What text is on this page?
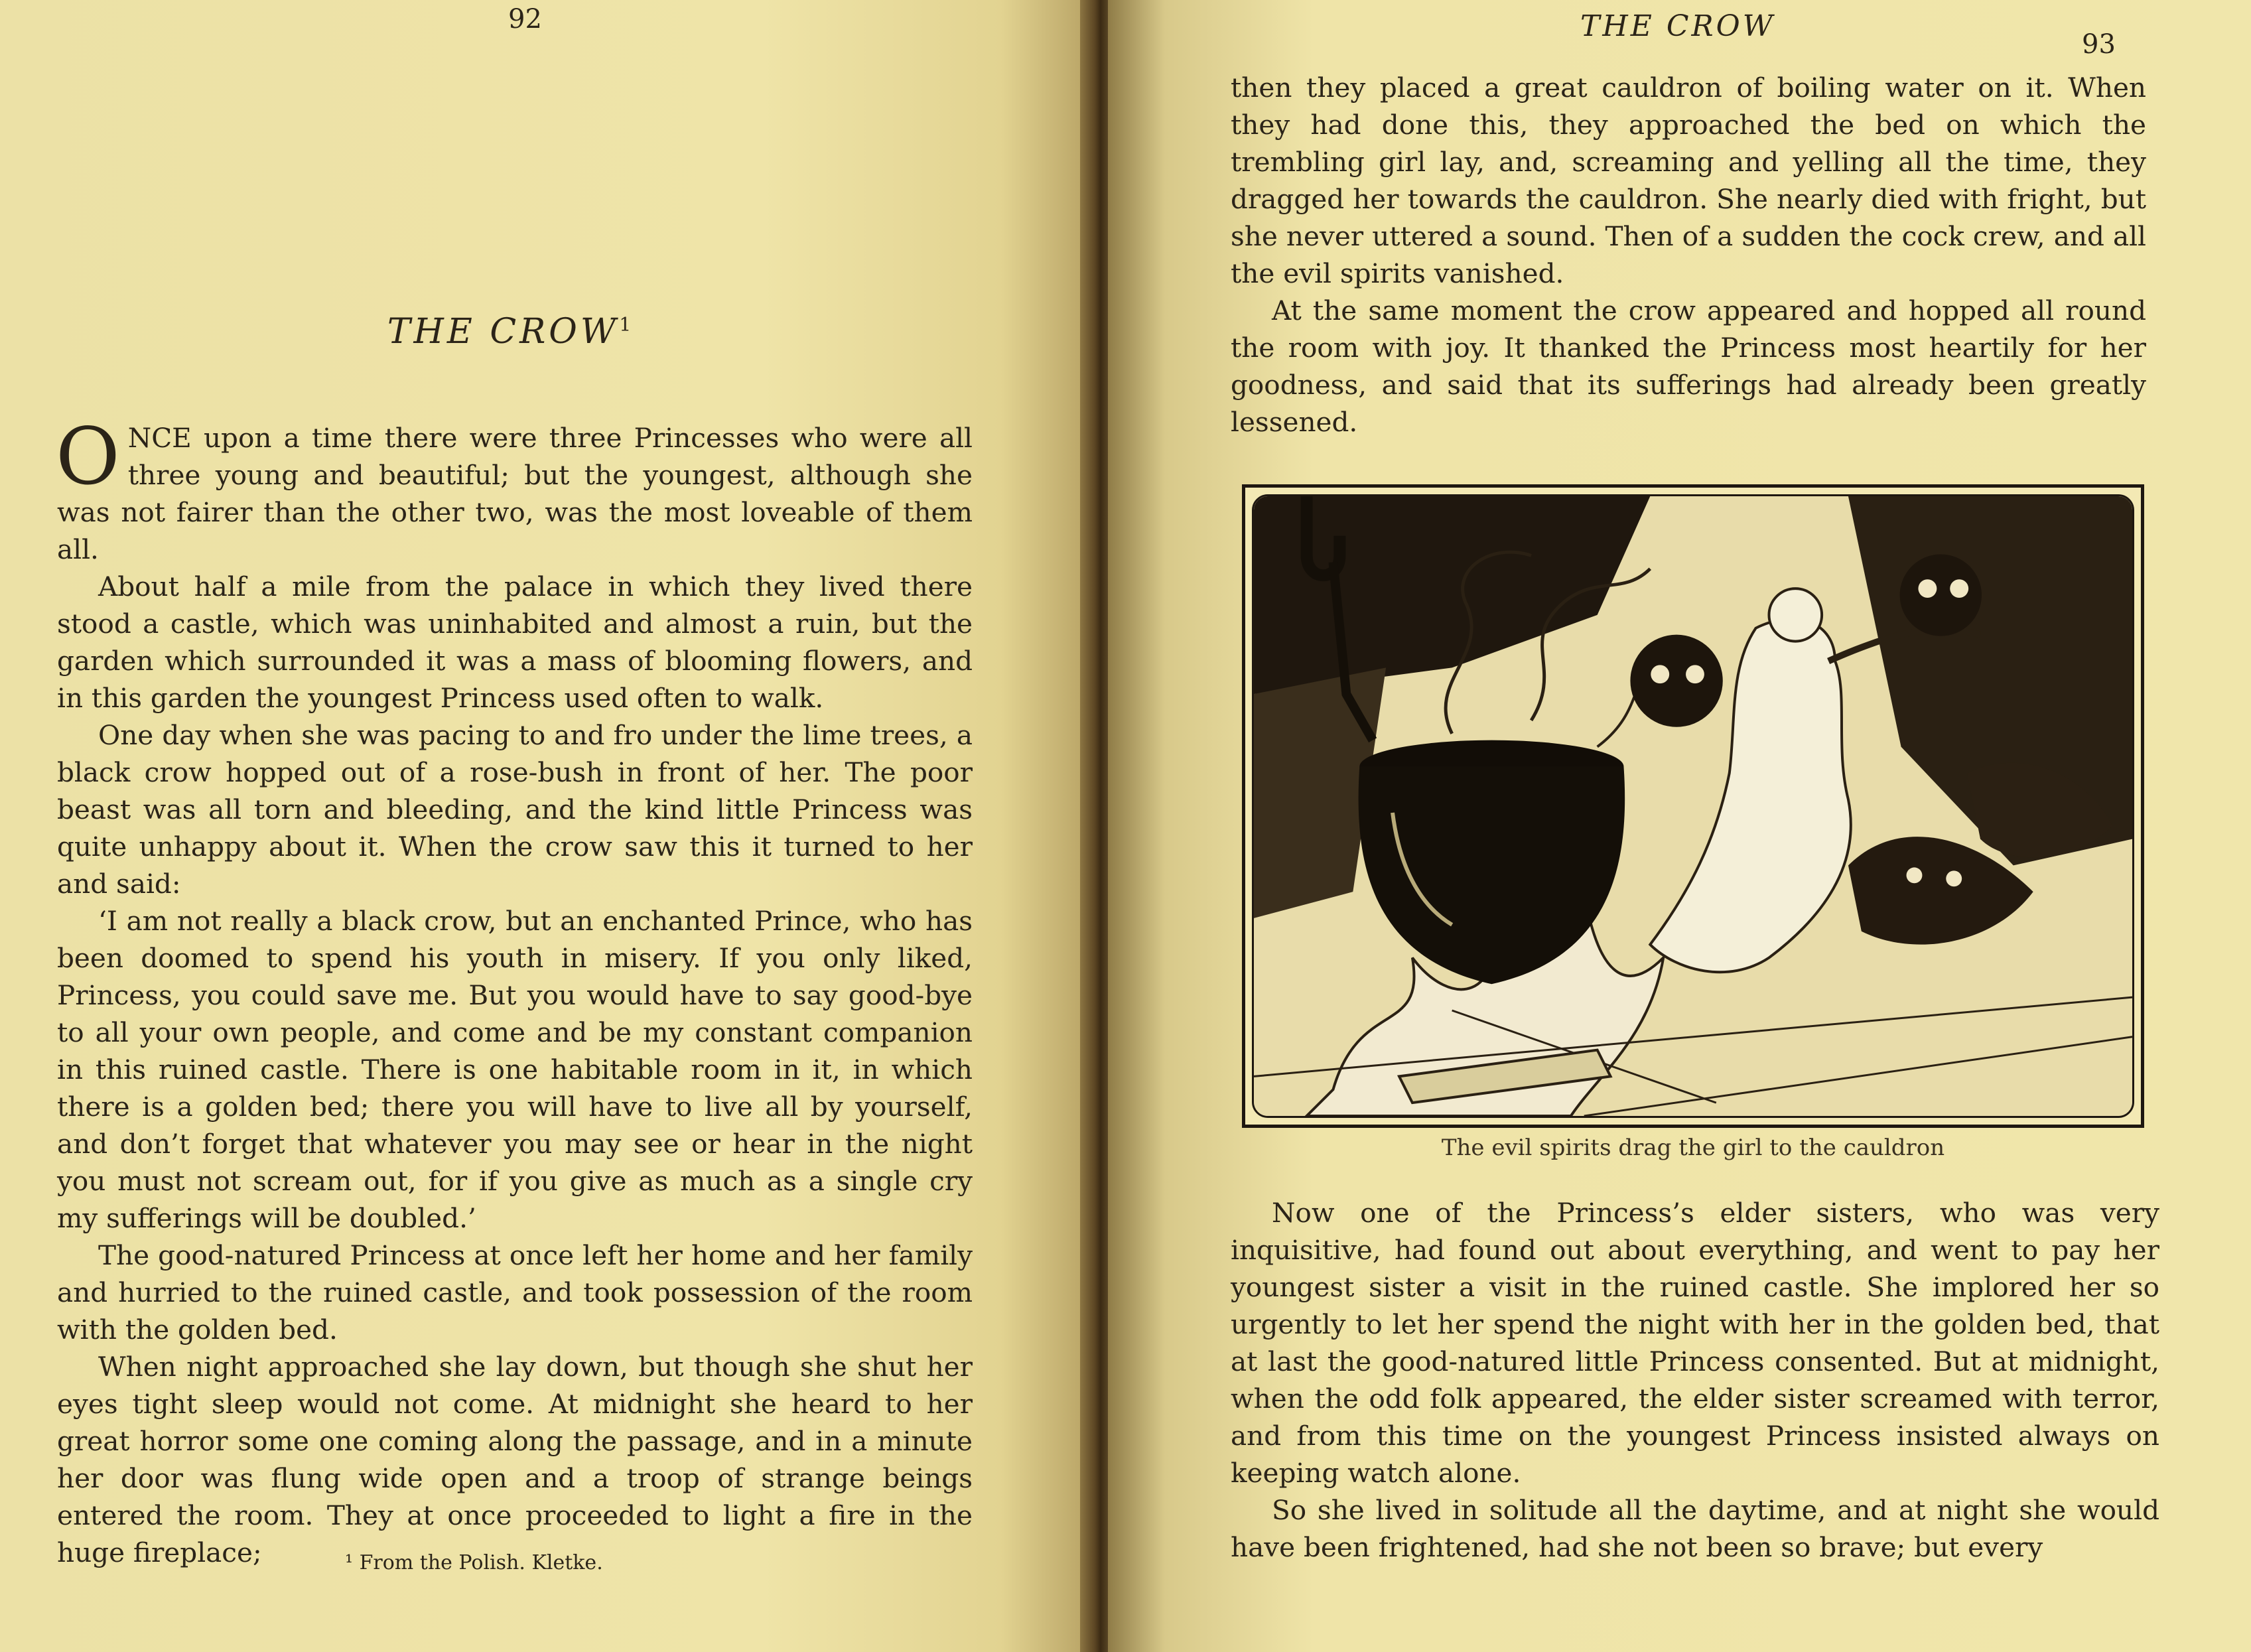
92
THE CROW$^1$

ONCE upon a time there were three Princesses who were all three young and beautiful; but the youngest, although she was not fairer than the other two, was the most loveable of them all.

About half a mile from the palace in which they lived there stood a castle, which was uninhabited and almost a ruin, but the garden which surrounded it was a mass of blooming flowers, and in this garden the youngest Princess used often to walk.

One day when she was pacing to and fro under the lime trees, a black crow hopped out of a rose-bush in front of her. The poor beast was all torn and bleeding, and the kind little Princess was quite unhappy about it. When the crow saw this it turned to her and said:

‘I am not really a black crow, but an enchanted Prince, who has been doomed to spend his youth in misery. If you only liked, Princess, you could save me. But you would have to say good-bye to all your own people, and come and be my constant companion in this ruined castle. There is one habitable room in it, in which there is a golden bed; there you will have to live all by yourself, and don’t forget that whatever you may see or hear in the night you must not scream out, for if you give as much as a single cry my sufferings will be doubled.’

The good-natured Princess at once left her home and her family and hurried to the ruined castle, and took possession of the room with the golden bed.

When night approached she lay down, but though she shut her eyes tight sleep would not come. At midnight she heard to her great horror some one coming along the passage, and in a minute her door was flung wide open and a troop of strange beings entered the room. They at once proceeded to light a fire in the huge fireplace;	¹ From the Polish. Kletke.
THE CROW
93

then they placed a great cauldron of boiling water on it. When they had done this, they approached the bed on which the trembling girl lay, and, screaming and yelling all the time, they dragged her towards the cauldron. She nearly died with fright, but she never uttered a sound. Then of a sudden the cock crew, and all the evil spirits vanished.

At the same moment the crow appeared and hopped all round the room with joy. It thanked the Princess most heartily for her goodness, and said that its sufferings had already been greatly lessened.

Now one of the Princess’s elder sisters, who was very inquisitive, had found out about everything, and went to pay her youngest sister a visit in the ruined castle. She implored her so urgently to let her spend the night with her in the golden bed, that at last the good-natured little Princess consented. But at midnight, when the odd folk appeared, the elder sister screamed with terror, and from this time on the youngest Princess insisted always on keeping watch alone.

So she lived in solitude all the daytime, and at night she would have been frightened, had she not been so brave; but every

The evil spirits drag the girl to the cauldron
